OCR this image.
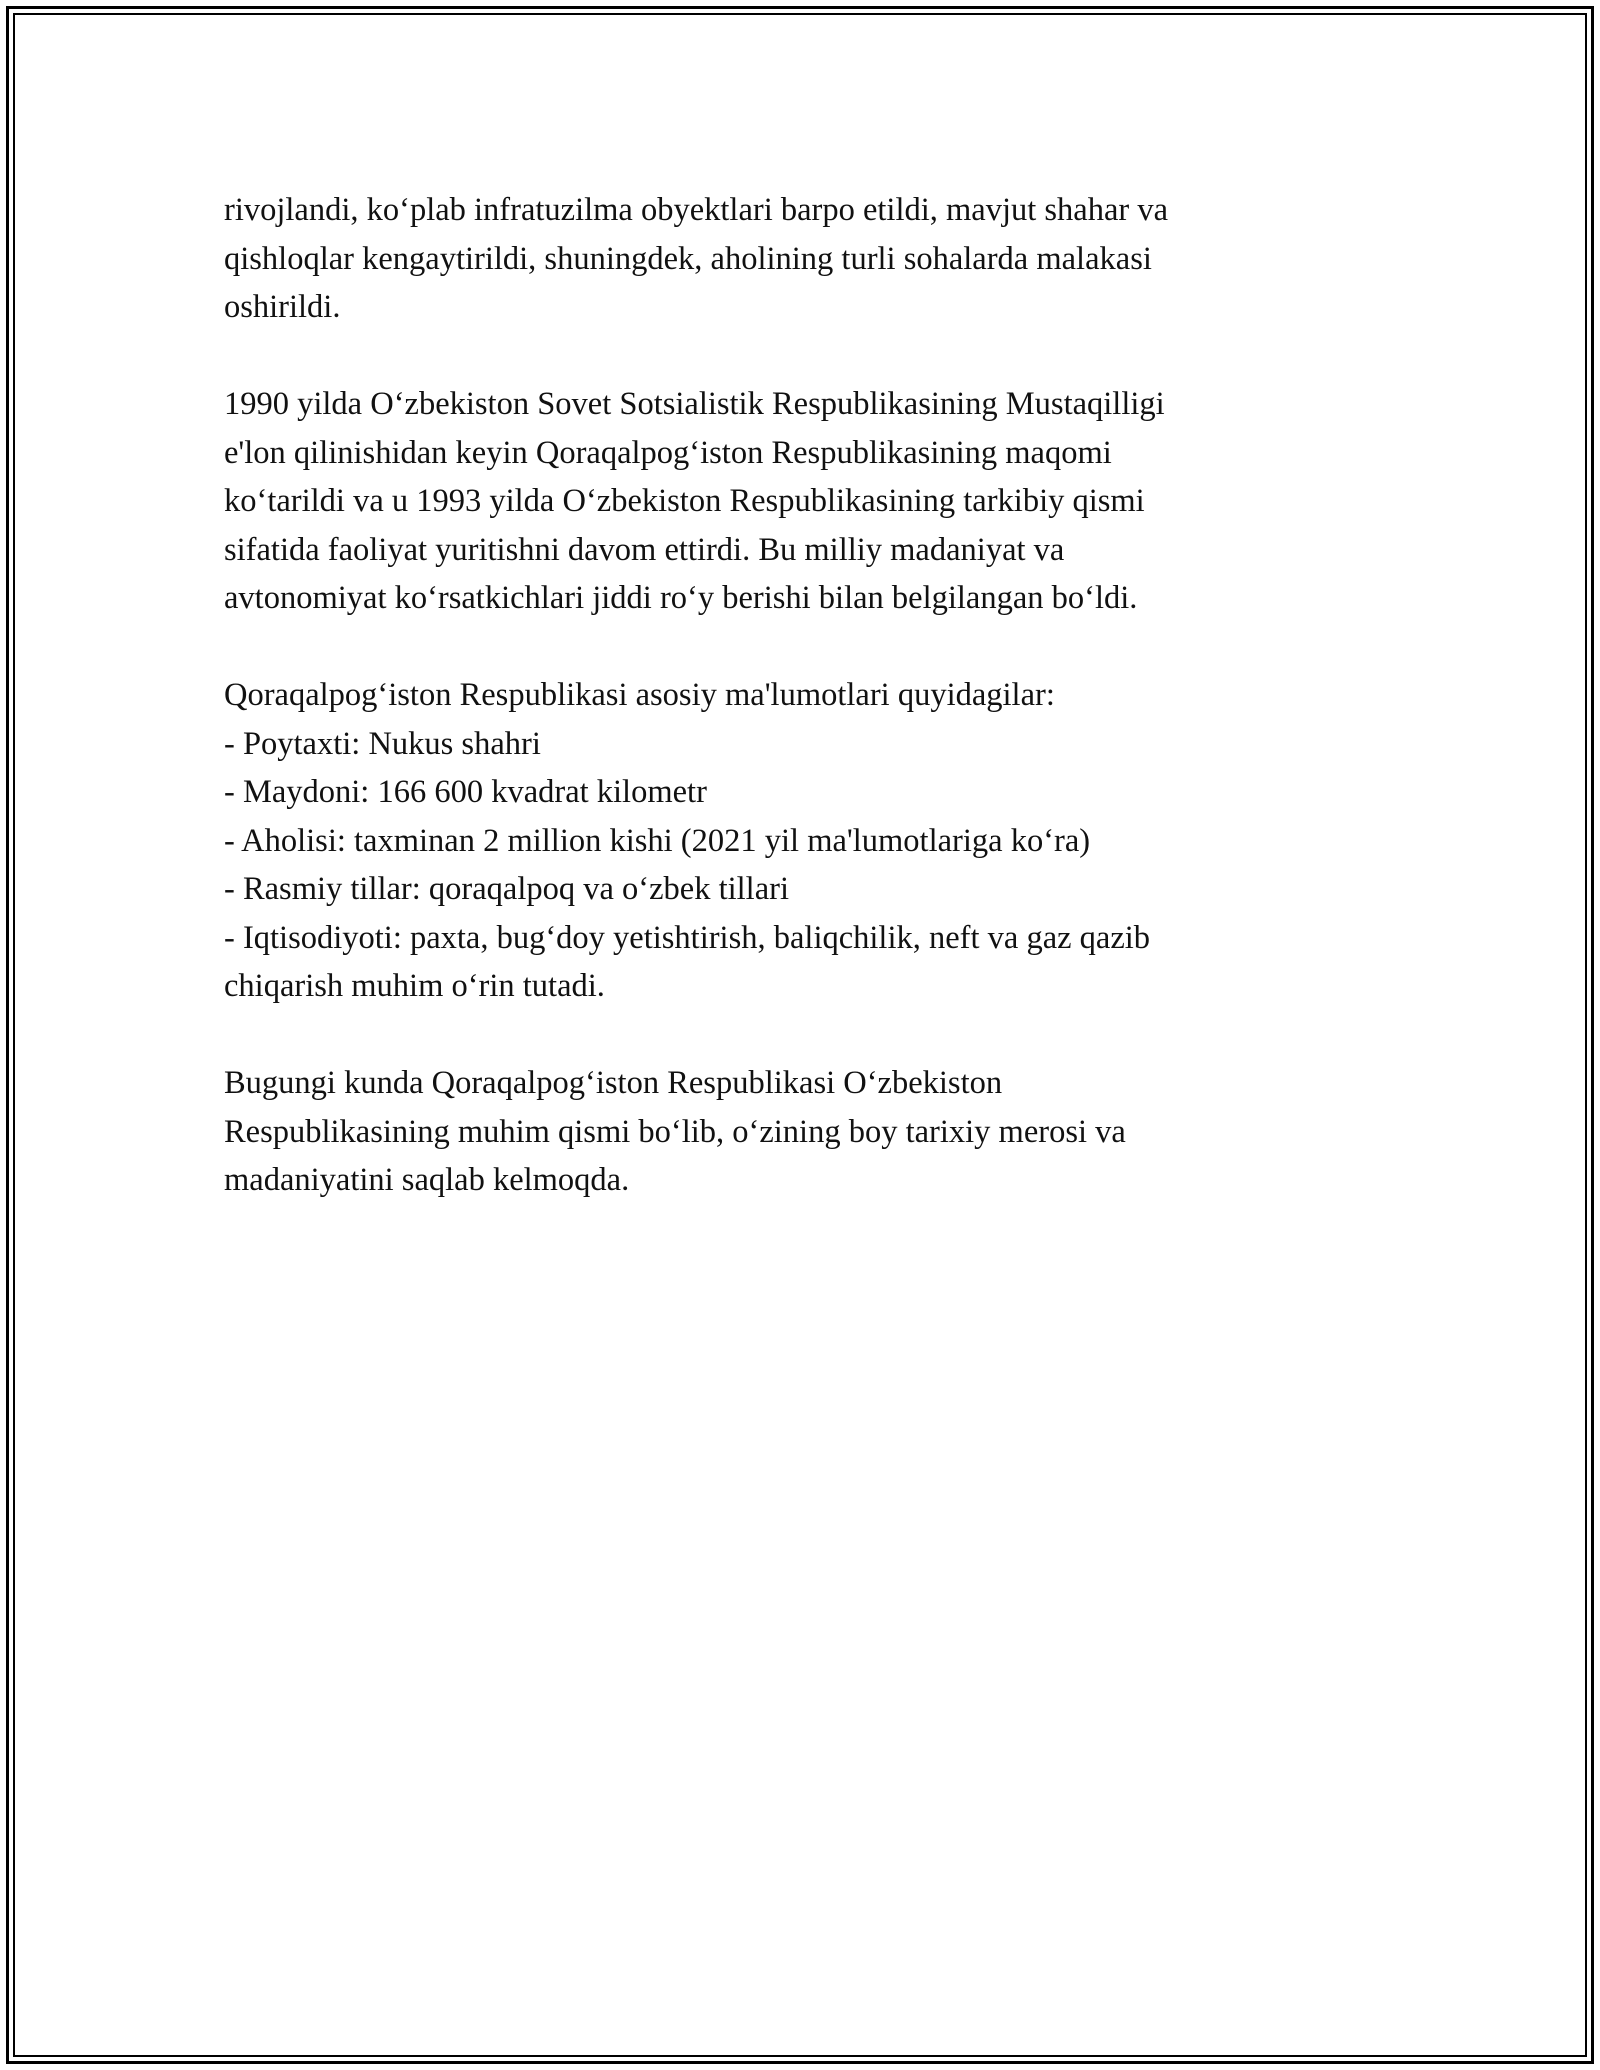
rivojlandi, ko‘plab infratuzilma obyektlari barpo etildi, mavjut shahar va
qishloqlar kengaytirildi, shuningdek, aholining turli sohalarda malakasi
oshirildi.

1990 yilda O‘zbekiston Sovet Sotsialistik Respublikasining Mustaqilligi
e'lon qilinishidan keyin Qoraqalpog‘iston Respublikasining maqomi
ko‘tarildi va u 1993 yilda O‘zbekiston Respublikasining tarkibiy qismi
sifatida faoliyat yuritishni davom ettirdi. Bu milliy madaniyat va
avtonomiyat ko‘rsatkichlari jiddi ro‘y berishi bilan belgilangan bo‘ldi.

Qoraqalpog‘iston Respublikasi asosiy ma'lumotlari quyidagilar:
- Poytaxti: Nukus shahri
- Maydoni: 166 600 kvadrat kilometr
- Aholisi: taxminan 2 million kishi (2021 yil ma'lumotlariga ko‘ra)
- Rasmiy tillar: qoraqalpoq va o‘zbek tillari
- Iqtisodiyoti: paxta, bug‘doy yetishtirish, baliqchilik, neft va gaz qazib
chiqarish muhim o‘rin tutadi.

Bugungi kunda Qoraqalpog‘iston Respublikasi O‘zbekiston
Respublikasining muhim qismi bo‘lib, o‘zining boy tarixiy merosi va
madaniyatini saqlab kelmoqda.
